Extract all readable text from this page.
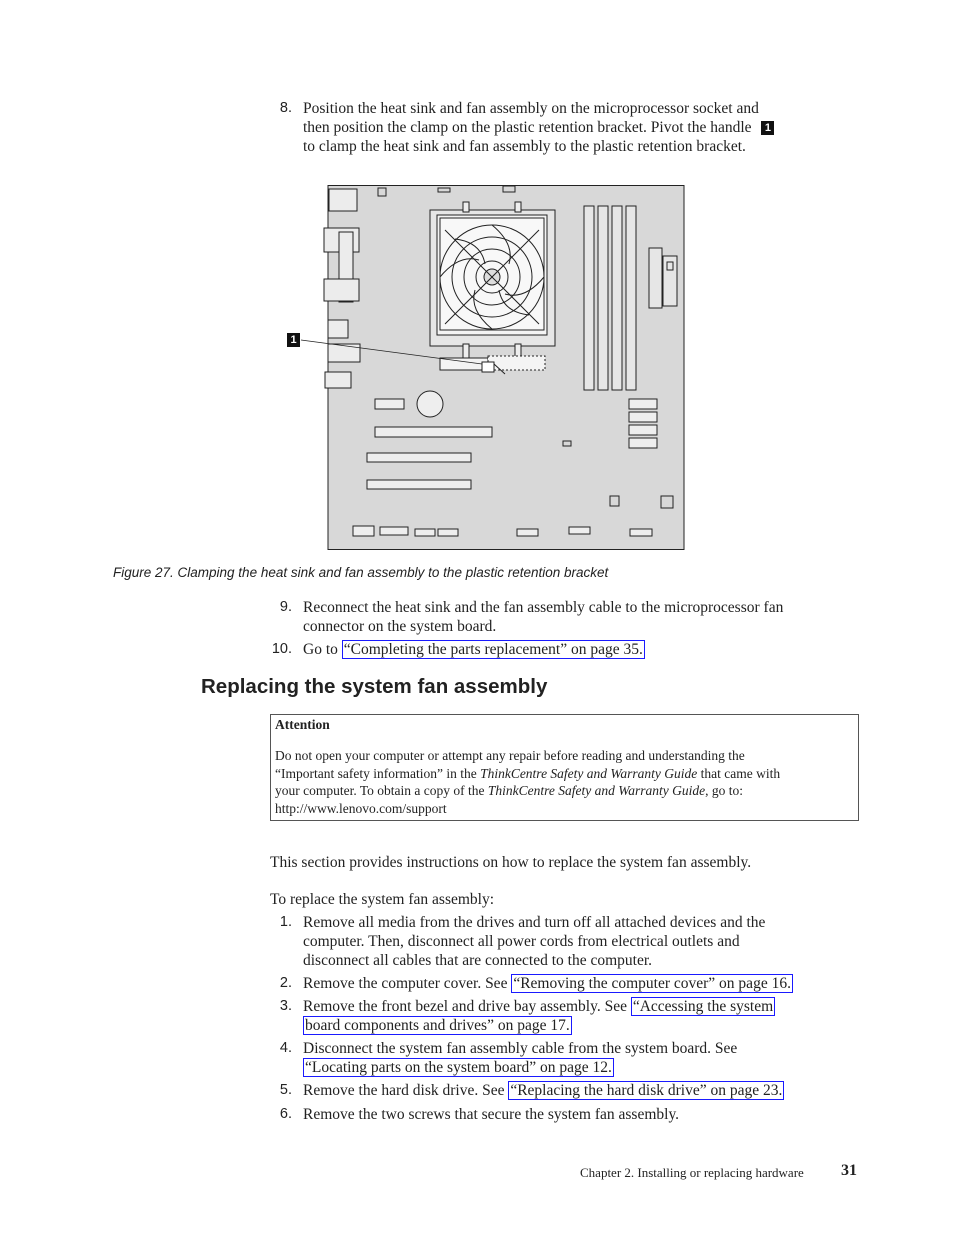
8. Position the heat sink and fan assembly on the microprocessor socket and
then position the clamp on the plastic retention bracket. Pivot the handle 1
to clamp the heat sink and fan assembly to the plastic retention bracket.
1
Figure 27. Clamping the heat sink and fan assembly to the plastic retention bracket
9. Reconnect the heat sink and the fan assembly cable to the microprocessor fan
connector on the system board.
10. Go to “Completing the parts replacement” on page 35.
Replacing the system fan assembly
Attention
Do not open your computer or attempt any repair before reading and understanding the
“Important safety information” in the ThinkCentre Safety and Warranty Guide that came with
your computer. To obtain a copy of the ThinkCentre Safety and Warranty Guide, go to:
http://www.lenovo.com/support
This section provides instructions on how to replace the system fan assembly.
To replace the system fan assembly:
1. Remove all media from the drives and turn off all attached devices and the
computer. Then, disconnect all power cords from electrical outlets and
disconnect all cables that are connected to the computer.
2. Remove the computer cover. See “Removing the computer cover” on page 16.
3. Remove the front bezel and drive bay assembly. See “Accessing the system
board components and drives” on page 17.
4. Disconnect the system fan assembly cable from the system board. See
“Locating parts on the system board” on page 12.
5. Remove the hard disk drive. See “Replacing the hard disk drive” on page 23.
6. Remove the two screws that secure the system fan assembly.
Chapter 2. Installing or replacing hardware 31
